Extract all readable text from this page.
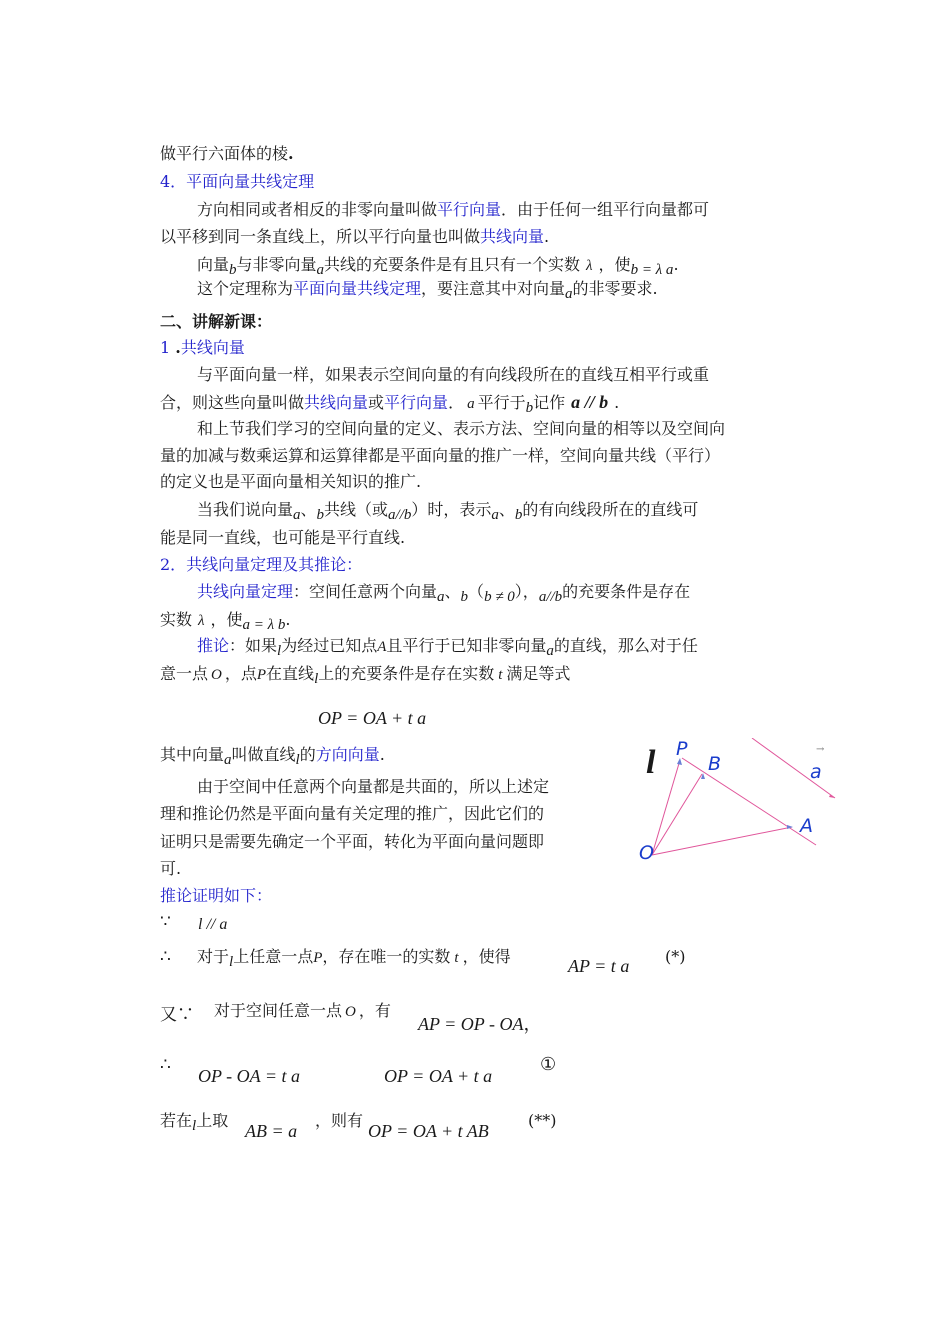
做平行六面体的棱.
4．平面向量共线定理
方向相同或者相反的非零向量叫做平行向量．由于任何一组平行向量都可
以平移到同一条直线上，所以平行向量也叫做共线向量.
向量b与非零向量a共线的充要条件是有且只有一个实数 λ ，使b = λ a.
这个定理称为平面向量共线定理，要注意其中对向量a的非零要求.
二、讲解新课：
1 .共线向量
与平面向量一样，如果表示空间向量的有向线段所在的直线互相平行或重
合，则这些向量叫做共线向量或平行向量． a 平行于b记作 a // b .
和上节我们学习的空间向量的定义、表示方法、空间向量的相等以及空间向
量的加减与数乘运算和运算律都是平面向量的推广一样，空间向量共线（平行）
的定义也是平面向量相关知识的推广.
当我们说向量a、b共线（或a//b）时，表示a、b的有向线段所在的直线可
能是同一直线，也可能是平行直线.
2．共线向量定理及其推论：
共线向量定理：空间任意两个向量a、b（b ≠ 0），a//b的充要条件是存在
实数 λ ，使a = λ b.
推论：如果l为经过已知点A且平行于已知非零向量a的直线，那么对于任
意一点 O ，点P在直线l上的充要条件是存在实数 t 满足等式
OP = OA + t a
其中向量a叫做直线l的方向向量.
由于空间中任意两个向量都是共面的，所以上述定
理和推论仍然是平面向量有关定理的推广，因此它们的
证明只是需要先确定一个平面，转化为平面向量问题即
可.
推论证明如下：
∵ l // a
∴ 对于l上任意一点P，存在唯一的实数 t ，使得	AP = t a (*)
又∵ 对于空间任意一点 O ，有
AP = OP - OA，
∴
OP - OA = t a	OP = OA + t a
①
若在l上取
AB = a
，则有
OP = OA + t AB
(**)
l P
B	a
→
A
O
